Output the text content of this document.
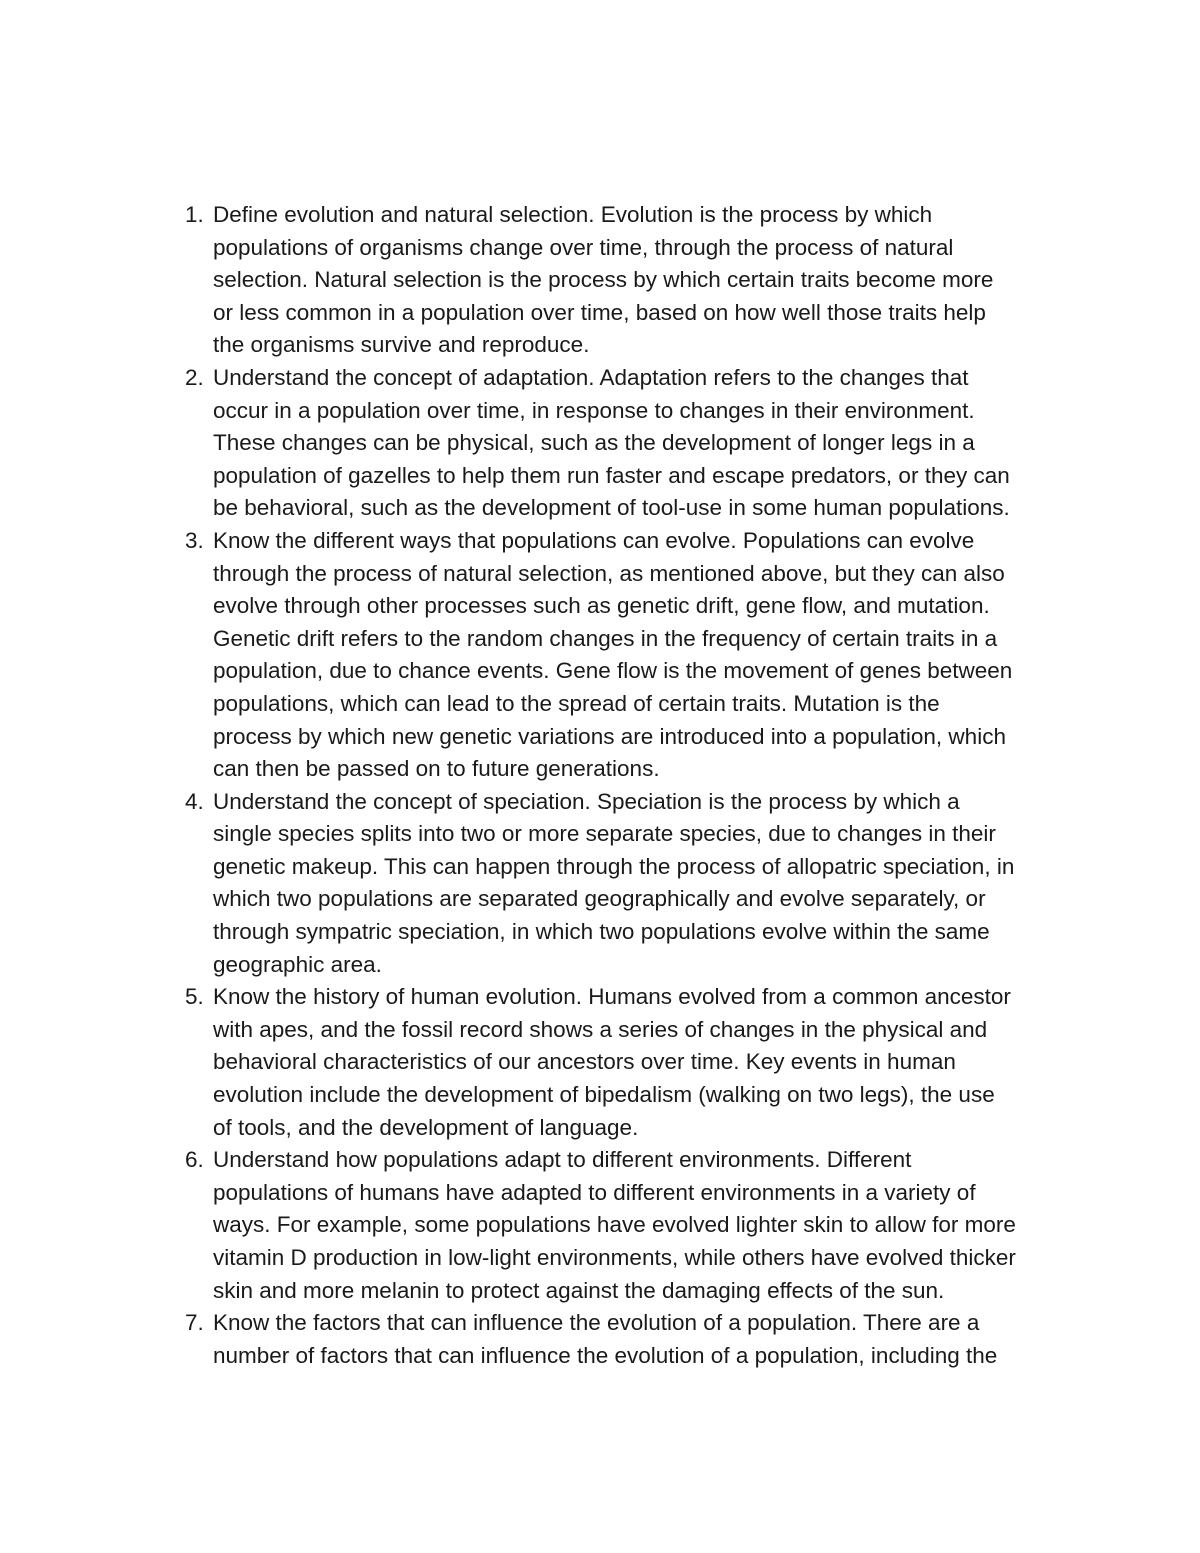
1. Define evolution and natural selection. Evolution is the process by which
populations of organisms change over time, through the process of natural
selection. Natural selection is the process by which certain traits become more
or less common in a population over time, based on how well those traits help
the organisms survive and reproduce.
2. Understand the concept of adaptation. Adaptation refers to the changes that
occur in a population over time, in response to changes in their environment.
These changes can be physical, such as the development of longer legs in a
population of gazelles to help them run faster and escape predators, or they can
be behavioral, such as the development of tool-use in some human populations.
3. Know the different ways that populations can evolve. Populations can evolve
through the process of natural selection, as mentioned above, but they can also
evolve through other processes such as genetic drift, gene flow, and mutation.
Genetic drift refers to the random changes in the frequency of certain traits in a
population, due to chance events. Gene flow is the movement of genes between
populations, which can lead to the spread of certain traits. Mutation is the
process by which new genetic variations are introduced into a population, which
can then be passed on to future generations.
4. Understand the concept of speciation. Speciation is the process by which a
single species splits into two or more separate species, due to changes in their
genetic makeup. This can happen through the process of allopatric speciation, in
which two populations are separated geographically and evolve separately, or
through sympatric speciation, in which two populations evolve within the same
geographic area.
5. Know the history of human evolution. Humans evolved from a common ancestor
with apes, and the fossil record shows a series of changes in the physical and
behavioral characteristics of our ancestors over time. Key events in human
evolution include the development of bipedalism (walking on two legs), the use
of tools, and the development of language.
6. Understand how populations adapt to different environments. Different
populations of humans have adapted to different environments in a variety of
ways. For example, some populations have evolved lighter skin to allow for more
vitamin D production in low-light environments, while others have evolved thicker
skin and more melanin to protect against the damaging effects of the sun.
7. Know the factors that can influence the evolution of a population. There are a
number of factors that can influence the evolution of a population, including the
